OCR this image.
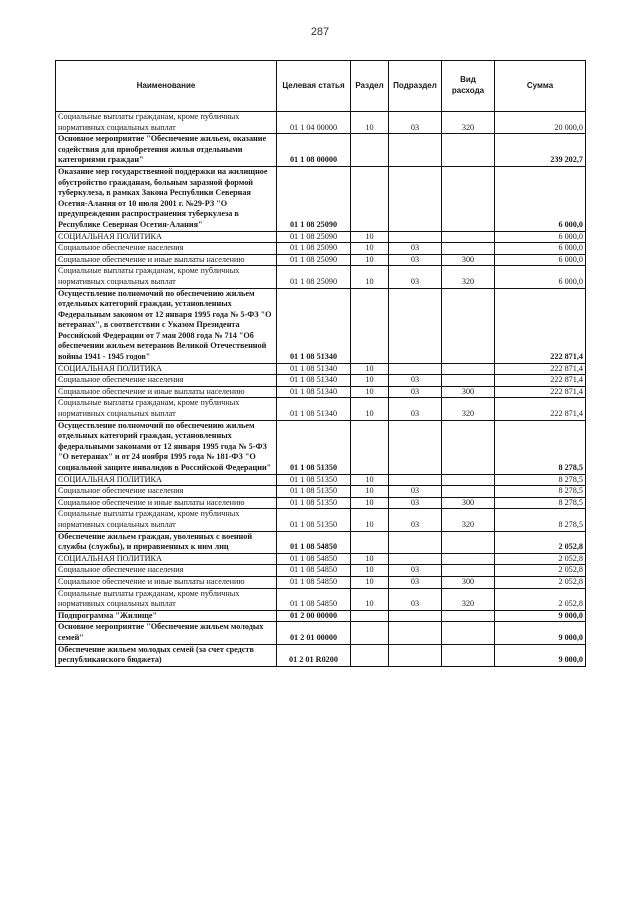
287
Наименование	Целевая статья	Раздел	Подраздел	Вид расхода	Сумма
Социальные выплаты гражданам, кроме публичных нормативных социальных выплат	01 1 04 00000	10	03	320	20 000,0
Основное мероприятие "Обеспечение жильем, оказание содействия для приобретения жилья отдельными категориями граждан"	01 1 08 00000				239 202,7
Оказание мер государственной поддержки на жилищное обустройство гражданам, больным заразной формой туберкулеза, в рамках Закона Республики Северная Осетия-Алания от 10 июля 2001 г. №29-РЗ "О предупреждении распространения туберкулеза в Республике Северная Осетия-Алания"	01 1 08 25090				6 000,0
СОЦИАЛЬНАЯ ПОЛИТИКА	01 1 08 25090	10			6 000,0
Социальное обеспечение населения	01 1 08 25090	10	03		6 000,0
Социальное обеспечение и иные выплаты населению	01 1 08 25090	10	03	300	6 000,0
Социальные выплаты гражданам, кроме публичных нормативных социальных выплат	01 1 08 25090	10	03	320	6 000,0
Осуществление полномочий по обеспечению жильем отдельных категорий граждан, установленных Федеральным законом от 12 января 1995 года № 5-ФЗ "О ветеранах", в соответствии с Указом Президента Российской Федерации от 7 мая 2008 года № 714 "Об обеспечении жильем ветеранов Великой Отечественной войны 1941 - 1945 годов"	01 1 08 51340				222 871,4
СОЦИАЛЬНАЯ ПОЛИТИКА	01 1 08 51340	10			222 871,4
Социальное обеспечение населения	01 1 08 51340	10	03		222 871,4
Социальное обеспечение и иные выплаты населению	01 1 08 51340	10	03	300	222 871,4
Социальные выплаты гражданам, кроме публичных нормативных социальных выплат	01 1 08 51340	10	03	320	222 871,4
Осуществление полномочий по обеспечению жильем отдельных категорий граждан, установленных федеральными законами от 12 января 1995 года № 5-ФЗ "О ветеранах" и от 24 ноября 1995 года № 181-ФЗ "О социальной защите инвалидов в Российской Федерации"	01 1 08 51350				8 278,5
СОЦИАЛЬНАЯ ПОЛИТИКА	01 1 08 51350	10			8 278,5
Социальное обеспечение населения	01 1 08 51350	10	03		8 278,5
Социальное обеспечение и иные выплаты населению	01 1 08 51350	10	03	300	8 278,5
Социальные выплаты гражданам, кроме публичных нормативных социальных выплат	01 1 08 51350	10	03	320	8 278,5
Обеспечение жильем граждан, уволенных с военной службы (службы), и приравненных к ним лиц	01 1 08 54850				2 052,8
СОЦИАЛЬНАЯ ПОЛИТИКА	01 1 08 54850	10			2 052,8
Социальное обеспечение населения	01 1 08 54850	10	03		2 052,8
Социальное обеспечение и иные выплаты населению	01 1 08 54850	10	03	300	2 052,8
Социальные выплаты гражданам, кроме публичных нормативных социальных выплат	01 1 08 54850	10	03	320	2 052,8
Подпрограмма "Жилище"	01 2 00 00000				9 000,0
Основное мероприятие "Обеспечение жильем молодых семей"	01 2 01 00000				9 000,0
Обеспечение жильем молодых семей (за счет средств республиканского бюджета)	01 2 01 R0200				9 000,0
